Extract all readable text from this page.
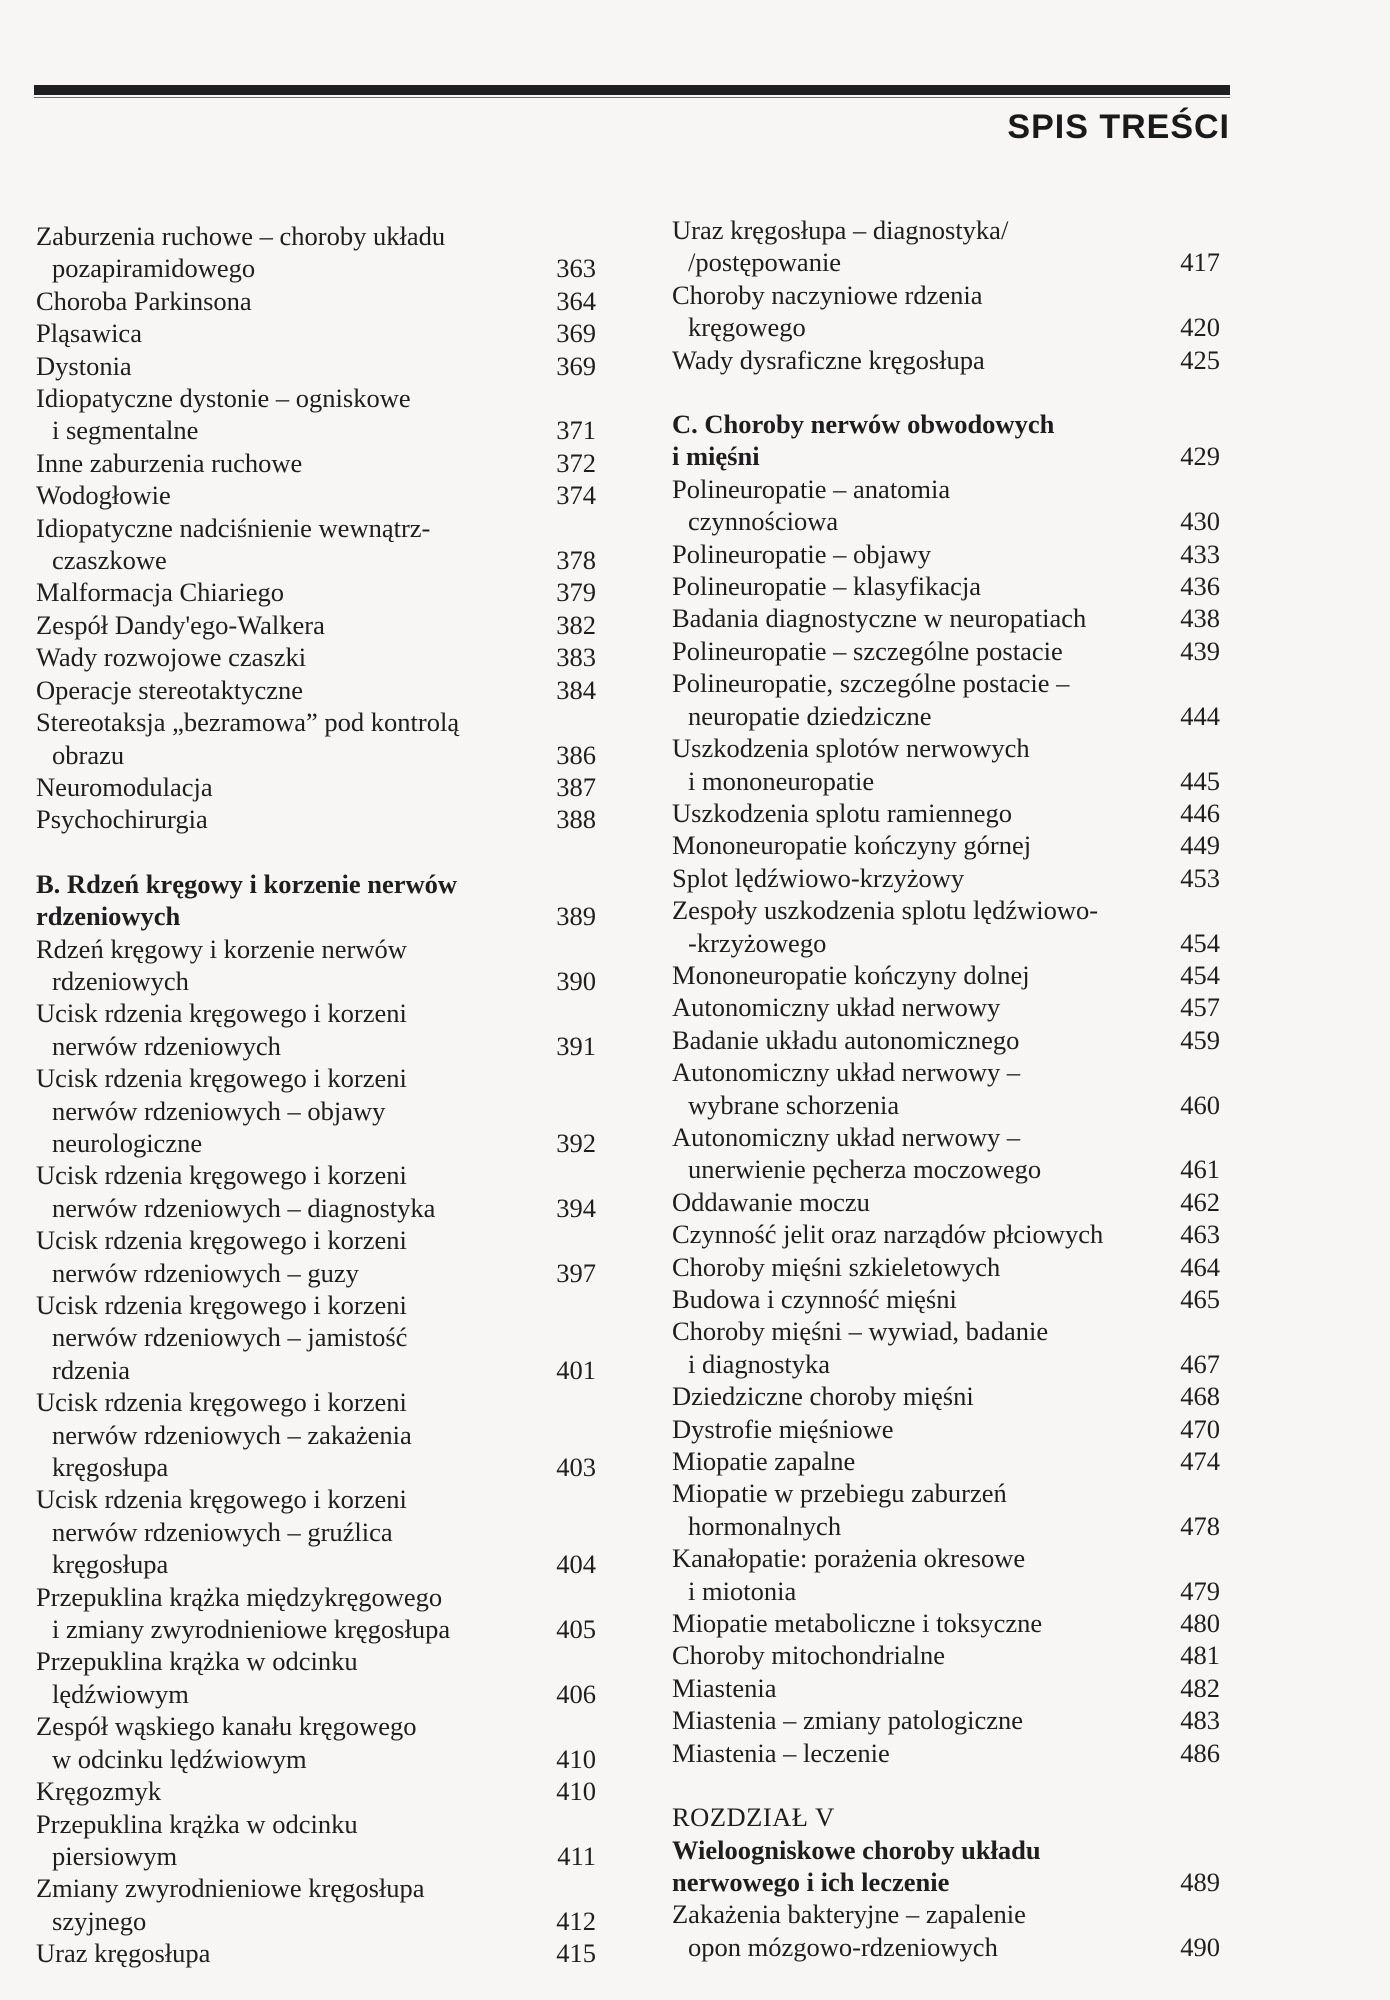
SPIS TREŚCI
Zaburzenia ruchowe – choroby układu
pozapiramidowego	363
Choroba Parkinsona	364
Pląsawica	369
Dystonia	369
Idiopatyczne dystonie – ogniskowe
i segmentalne	371
Inne zaburzenia ruchowe	372
Wodogłowie	374
Idiopatyczne nadciśnienie wewnątrz-
czaszkowe	378
Malformacja Chiariego	379
Zespół Dandy'ego-Walkera	382
Wady rozwojowe czaszki	383
Operacje stereotaktyczne	384
Stereotaksja „bezramowa” pod kontrolą
obrazu	386
Neuromodulacja	387
Psychochirurgia	388
B. Rdzeń kręgowy i korzenie nerwów
rdzeniowych	389
Rdzeń kręgowy i korzenie nerwów
rdzeniowych	390
Ucisk rdzenia kręgowego i korzeni
nerwów rdzeniowych	391
Ucisk rdzenia kręgowego i korzeni
nerwów rdzeniowych – objawy
neurologiczne	392
Ucisk rdzenia kręgowego i korzeni
nerwów rdzeniowych – diagnostyka	394
Ucisk rdzenia kręgowego i korzeni
nerwów rdzeniowych – guzy	397
Ucisk rdzenia kręgowego i korzeni
nerwów rdzeniowych – jamistość
rdzenia	401
Ucisk rdzenia kręgowego i korzeni
nerwów rdzeniowych – zakażenia
kręgosłupa	403
Ucisk rdzenia kręgowego i korzeni
nerwów rdzeniowych – gruźlica
kręgosłupa	404
Przepuklina krążka międzykręgowego
i zmiany zwyrodnieniowe kręgosłupa	405
Przepuklina krążka w odcinku
lędźwiowym	406
Zespół wąskiego kanału kręgowego
w odcinku lędźwiowym	410
Kręgozmyk	410
Przepuklina krążka w odcinku
piersiowym	411
Zmiany zwyrodnieniowe kręgosłupa
szyjnego	412
Uraz kręgosłupa	415
Uraz kręgosłupa – diagnostyka/
/postępowanie	417
Choroby naczyniowe rdzenia
kręgowego	420
Wady dysraficzne kręgosłupa	425
C. Choroby nerwów obwodowych
i mięśni	429
Polineuropatie – anatomia
czynnościowa	430
Polineuropatie – objawy	433
Polineuropatie – klasyfikacja	436
Badania diagnostyczne w neuropatiach	438
Polineuropatie – szczególne postacie	439
Polineuropatie, szczególne postacie –
neuropatie dziedziczne	444
Uszkodzenia splotów nerwowych
i mononeuropatie	445
Uszkodzenia splotu ramiennego	446
Mononeuropatie kończyny górnej	449
Splot lędźwiowo-krzyżowy	453
Zespoły uszkodzenia splotu lędźwiowo-
-krzyżowego	454
Mononeuropatie kończyny dolnej	454
Autonomiczny układ nerwowy	457
Badanie układu autonomicznego	459
Autonomiczny układ nerwowy –
wybrane schorzenia	460
Autonomiczny układ nerwowy –
unerwienie pęcherza moczowego	461
Oddawanie moczu	462
Czynność jelit oraz narządów płciowych	463
Choroby mięśni szkieletowych	464
Budowa i czynność mięśni	465
Choroby mięśni – wywiad, badanie
i diagnostyka	467
Dziedziczne choroby mięśni	468
Dystrofie mięśniowe	470
Miopatie zapalne	474
Miopatie w przebiegu zaburzeń
hormonalnych	478
Kanałopatie: porażenia okresowe
i miotonia	479
Miopatie metaboliczne i toksyczne	480
Choroby mitochondrialne	481
Miastenia	482
Miastenia – zmiany patologiczne	483
Miastenia – leczenie	486
ROZDZIAŁ V
Wieloogniskowe choroby układu
nerwowego i ich leczenie	489
Zakażenia bakteryjne – zapalenie
opon mózgowo-rdzeniowych	490
